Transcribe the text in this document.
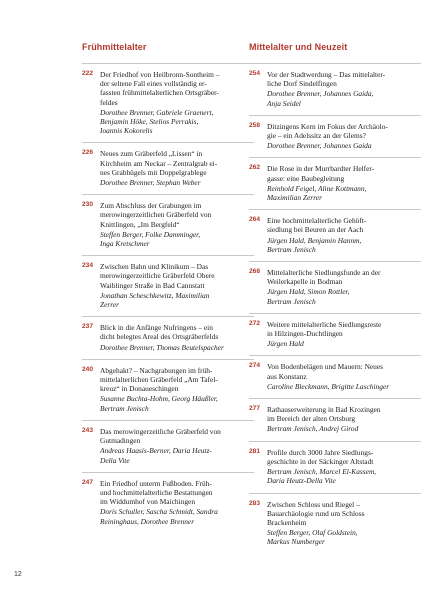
Frühmittelalter
222 Der Friedhof von Heilbronn-Sontheim –
der seltene Fall eines vollständig er-
fassten frühmittelalterlichen Ortsgräber-
feldes

Dorothee Brenner, Gabriele Graenert,
Benjamin Höke, Stelios Perrakis,
Ioannis Kokorelis

226 Neues zum Gräberfeld „Lissen“ in
Kirchheim am Neckar – Zentralgrab ei-
nes Grabhügels mit Doppelgrablege

Dorothee Brenner, Stephan Weber

230 Zum Abschluss der Grabungen im
merowingerzeitlichen Gräberfeld von
Knittlingen, „Im Bergfeld“

Steffen Berger, Folke Damminger,
Inga Kretschmer

234 Zwischen Bahn und Klinikum – Das
merowingerzeitliche Gräberfeld Obere
Waiblinger Straße in Bad Cannstatt

Jonathan Scheschkewitz, Maximilian
Zerrer

237 Blick in die Anfänge Nufringens – ein
dicht belegtes Areal des Ortsgräberfelds

Dorothee Brenner, Thomas Beutelspacher

240 Abgehakt? – Nachgrabungen im früh-
mittelalterlichen Gräberfeld „Am Tafel-
kreuz“ in Donaueschingen

Susanne Buchta-Hohm, Georg Häußler,
Bertram Jenisch

243 Das merowingerzeitliche Gräberfeld von
Gutmadingen

Andreas Haasis-Berner, Daria Heutz-
Della Vite

247 Ein Friedhof unterm Fußboden. Früh-
und hochmittelalterliche Bestattungen
im Widdumhof von Maichingen

Doris Schuller, Sascha Schmidt, Sandra
Reininghaus, Dorothee Brenner

Mittelalter und Neuzeit
254 Vor der Stadtwerdung – Das mittelalter-
liche Dorf Sindelfingen

Dorothee Brenner, Johannes Gaida,
Anja Seidel

258 Ditzingens Kern im Fokus der Archäolo-
gie – ein Adelssitz an der Glems?

Dorothee Brenner, Johannes Gaida

262 Die Rose in der Murrbardter Helfer-
gasse: eine Baubegleitung

Reinhold Feigel, Aline Kottmann,
Maximilian Zerrer

264 Eine hochmittelalterliche Gehöft-
siedlung bei Beuren an der Aach

Jürgen Hald, Benjamin Hannm,
Bertram Jenisch

268 Mittelalterliche Siedlungsfunde an der
Weilerkapelle in Bodman

Jürgen Hald, Simon Rottler,
Bertram Jenisch

272 Weitere mittelalterliche Siedlungsreste
in Hilzingen-Duchtlingen

Jürgen Hald

274 Von Bodenbelägen und Mauern: Neues
aus Konstanz

Caroline Bleckmann, Brigitte Laschinger

277 Rathauserweiterung in Bad Krozingen
im Bereich der alten Ortsburg

Bertram Jenisch, Andrej Girod

281 Profile durch 3000 Jahre Siedlungs-
geschichte in der Säckinger Altstadt

Bertram Jenisch, Marcel El-Kassem,
Daria Heutz-Della Vite

283 Zwischen Schloss und Riegel –
Bauarchäologie rund um Schloss
Brackenheim

Steffen Berger, Olaf Goldstein,
Markus Numberger

12
